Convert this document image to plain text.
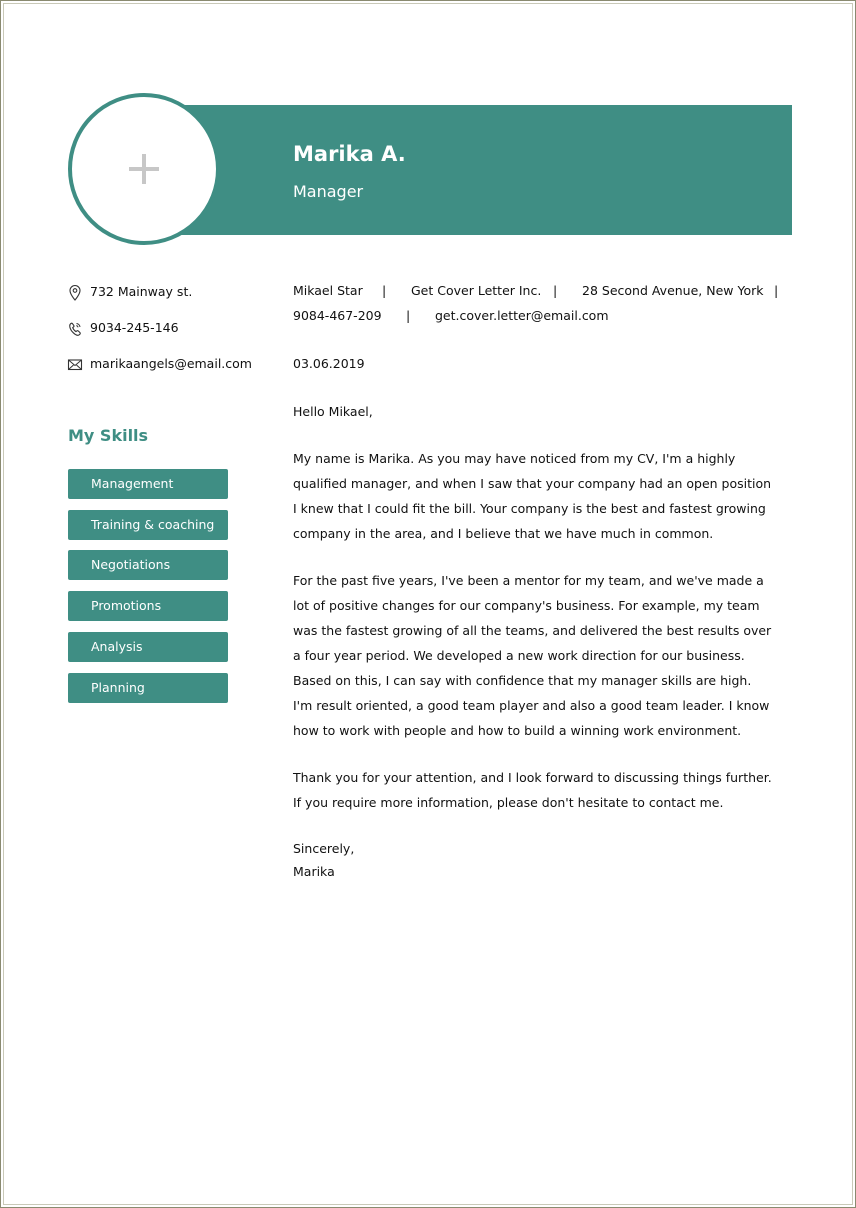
Marika A.
Manager
732 Mainway st.
9034-245-146
marikaangels@email.com
My Skills
Management
Training & coaching
Negotiations
Promotions
Analysis
Planning
Mikael Star | Get Cover Letter Inc. | 28 Second Avenue, New York |
9084-467-209 | get.cover.letter@email.com
03.06.2019
Hello Mikael,

My name is Marika. As you may have noticed from my CV, I'm a highly qualified manager, and when I saw that your company had an open position I knew that I could fit the bill. Your company is the best and fastest growing company in the area, and I believe that we have much in common.

For the past five years, I've been a mentor for my team, and we've made a lot of positive changes for our company's business. For example, my team was the fastest growing of all the teams, and delivered the best results over a four year period. We developed a new work direction for our business.

Based on this, I can say with confidence that my manager skills are high. I'm result oriented, a good team player and also a good team leader. I know how to work with people and how to build a winning work environment.

Thank you for your attention, and I look forward to discussing things further. If you require more information, please don't hesitate to contact me.

Sincerely,

Marika
